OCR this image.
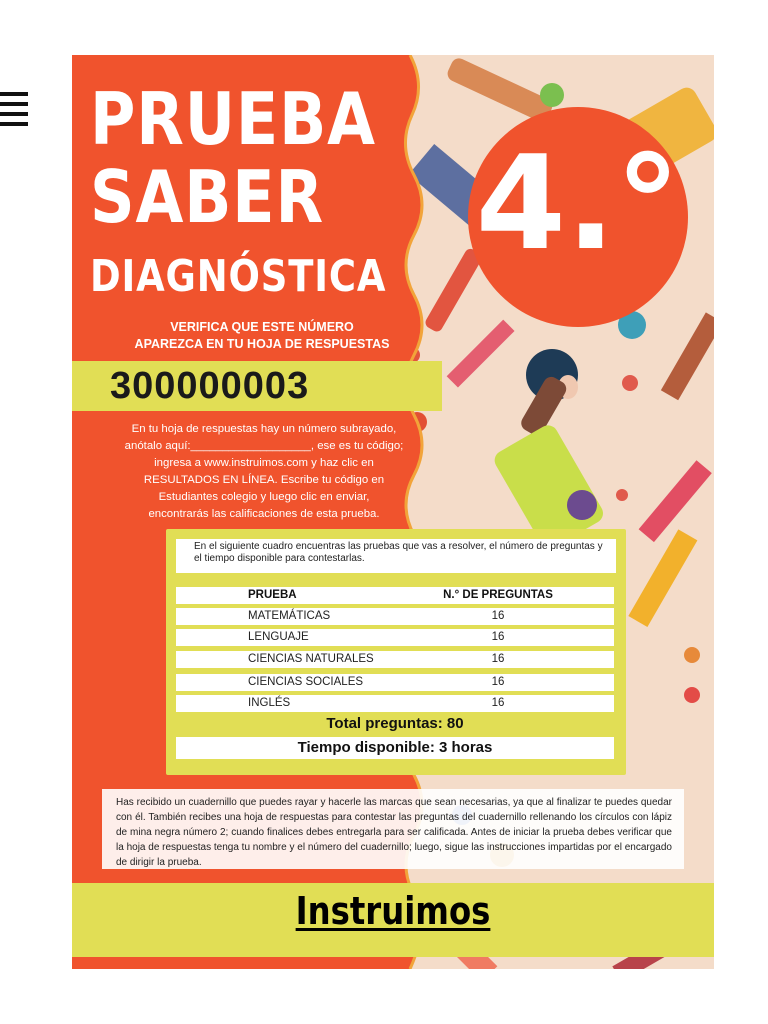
PRUEBA
SABER
DIAGNÓSTICA 4.°
VERIFICA QUE ESTE NÚMERO
APAREZCA EN TU HOJA DE RESPUESTAS
300000003
En tu hoja de respuestas hay un número subrayado,
anótalo aquí:___________________, ese es tu código;
ingresa a www.instruimos.com y haz clic en
RESULTADOS EN LÍNEA. Escribe tu código en
Estudiantes colegio y luego clic en enviar,
encontrarás las calificaciones de esta prueba.
En el siguiente cuadro encuentras las pruebas que vas a resolver, el número de preguntas y el tiempo disponible para contestarlas.
PRUEBA	N.° DE PREGUNTAS
MATEMÁTICAS	16
LENGUAJE	16
CIENCIAS NATURALES	16
CIENCIAS SOCIALES	16
INGLÉS	16
Total preguntas: 80
Tiempo disponible: 3 horas
Has recibido un cuadernillo que puedes rayar y hacerle las marcas que sean necesarias, ya que al finalizar te puedes quedar con él. También recibes una hoja de respuestas para contestar las preguntas del cuadernillo rellenando los círculos con lápiz de mina negra número 2; cuando finalices debes entregarla para ser calificada. Antes de iniciar la prueba debes verificar que la hoja de respuestas tenga tu nombre y el número del cuadernillo; luego, sigue las instrucciones impartidas por el encargado de dirigir la prueba.
Instruimos
